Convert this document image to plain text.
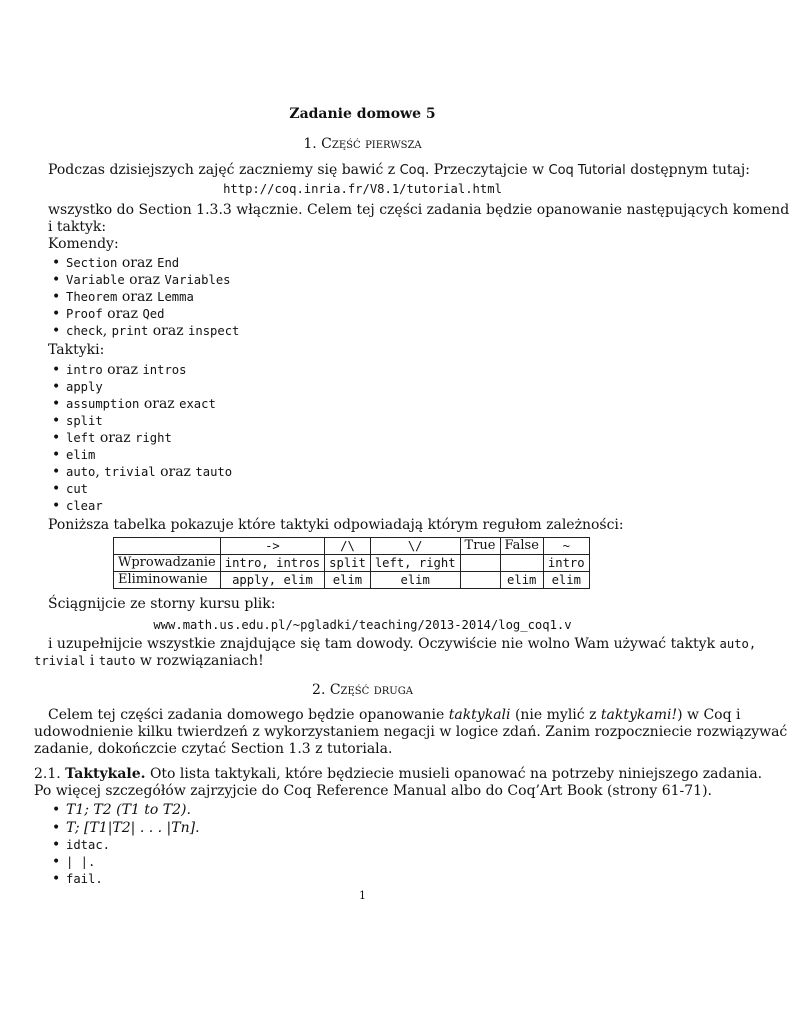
Zadanie domowe 5
1. Część pierwsza
Podczas dzisiejszych zajęć zaczniemy się bawić z Coq. Przeczytajcie w Coq Tutorial dostępnym tutaj:
http://coq.inria.fr/V8.1/tutorial.html
wszystko do Section 1.3.3 włącznie. Celem tej części zadania będzie opanowanie następujących komend
i taktyk:
Komendy:
• Section oraz End
• Variable oraz Variables
• Theorem oraz Lemma
• Proof oraz Qed
• check, print oraz inspect
Taktyki:
• intro oraz intros
• apply
• assumption oraz exact
• split
• left oraz right
• elim
• auto, trivial oraz tauto
• cut
• clear
Poniższa tabelka pokazuje które taktyki odpowiadają którym regułom zależności:
	->	/\	\/	True	False	~
Wprowadzanie	intro, intros	split	left, right			intro
Eliminowanie	apply, elim	elim	elim		elim	elim
Ściągnijcie ze storny kursu plik:
www.math.us.edu.pl/~pgladki/teaching/2013-2014/log_coq1.v
i uzupełnijcie wszystkie znajdujące się tam dowody. Oczywiście nie wolno Wam używać taktyk auto,
trivial i tauto w rozwiązaniach!
2. Część druga
Celem tej części zadania domowego będzie opanowanie taktykali (nie mylić z taktykami!) w Coq i
udowodnienie kilku twierdzeń z wykorzystaniem negacji w logice zdań. Zanim rozpoczniecie rozwiązywać
zadanie, dokończcie czytać Section 1.3 z tutoriala.
2.1. Taktykale. Oto lista taktykali, które będziecie musieli opanować na potrzeby niniejszego zadania.
Po więcej szczegółów zajrzyjcie do Coq Reference Manual albo do Coq’Art Book (strony 61-71).
• T1; T2 (T1 to T2).
• T; [T1|T2| . . . |Tn].
• idtac.
• | |.
• fail.
1
